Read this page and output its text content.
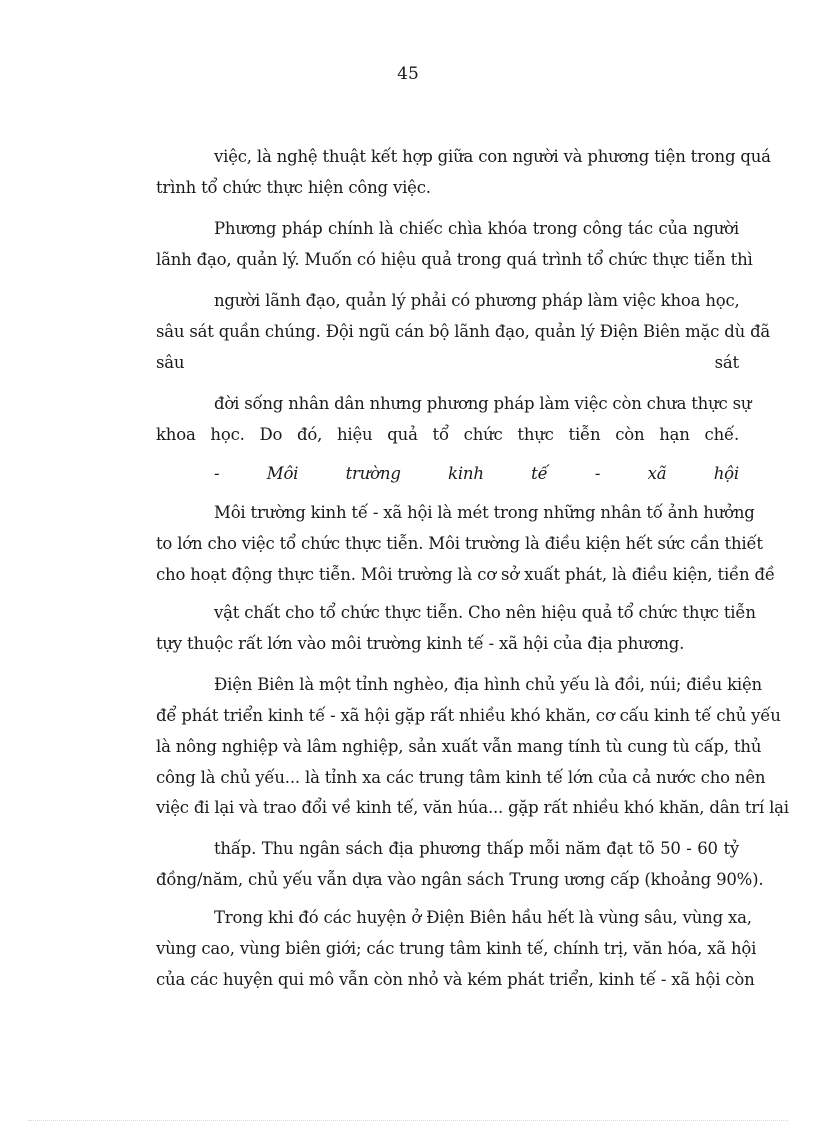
45
việc, là nghệ thuật kết hợp giữa con người và phương tiện trong quá
trình tổ chức thực hiện công việc.
Phương pháp chính là chiếc chìa khóa trong công tác của người
lãnh đạo, quản lý. Muốn có hiệu quả trong quá trình tổ chức thực tiễn thì
người lãnh đạo, quản lý phải có phương pháp làm việc khoa học,
sâu sát quần chúng. Đội ngũ cán bộ lãnh đạo, quản lý Điện Biên mặc dù đã
sâu	sát
đời sống nhân dân nhưng phương pháp làm việc còn chưa thực sự
khoa học. Do đó, hiệu quả tổ chức thực tiễn còn hạn chế.
- Môi trường kinh tế - xã hội
Môi trường kinh tế - xã hội là mét trong những nhân tố ảnh hưởng
to lớn cho việc tổ chức thực tiễn. Môi trường là điều kiện hết sức cần thiết
cho hoạt động thực tiễn. Môi trường là cơ sở xuất phát, là điều kiện, tiền đề
vật chất cho tổ chức thực tiễn. Cho nên hiệu quả tổ chức thực tiễn
tựy thuộc rất lớn vào môi trường kinh tế - xã hội của địa phương.
Điện Biên là một tỉnh nghèo, địa hình chủ yếu là đồi, núi; điều kiện
để phát triển kinh tế - xã hội gặp rất nhiều khó khăn, cơ cấu kinh tế chủ yếu
là nông nghiệp và lâm nghiệp, sản xuất vẫn mang tính tù cung tù cấp, thủ
công là chủ yếu... là tỉnh xa các trung tâm kinh tế lớn của cả nước cho nên
việc đi lại và trao đổi về kinh tế, văn húa... gặp rất nhiều khó khăn, dân trí lại
thấp. Thu ngân sách địa phương thấp mỗi năm đạt tõ 50 - 60 tỷ
đồng/năm, chủ yếu vẫn dựa vào ngân sách Trung ương cấp (khoảng 90%).
Trong khi đó các huyện ở Điện Biên hầu hết là vùng sâu, vùng xa,
vùng cao, vùng biên giới; các trung tâm kinh tế, chính trị, văn hóa, xã hội
của các huyện qui mô vẫn còn nhỏ và kém phát triển, kinh tế - xã hội còn
